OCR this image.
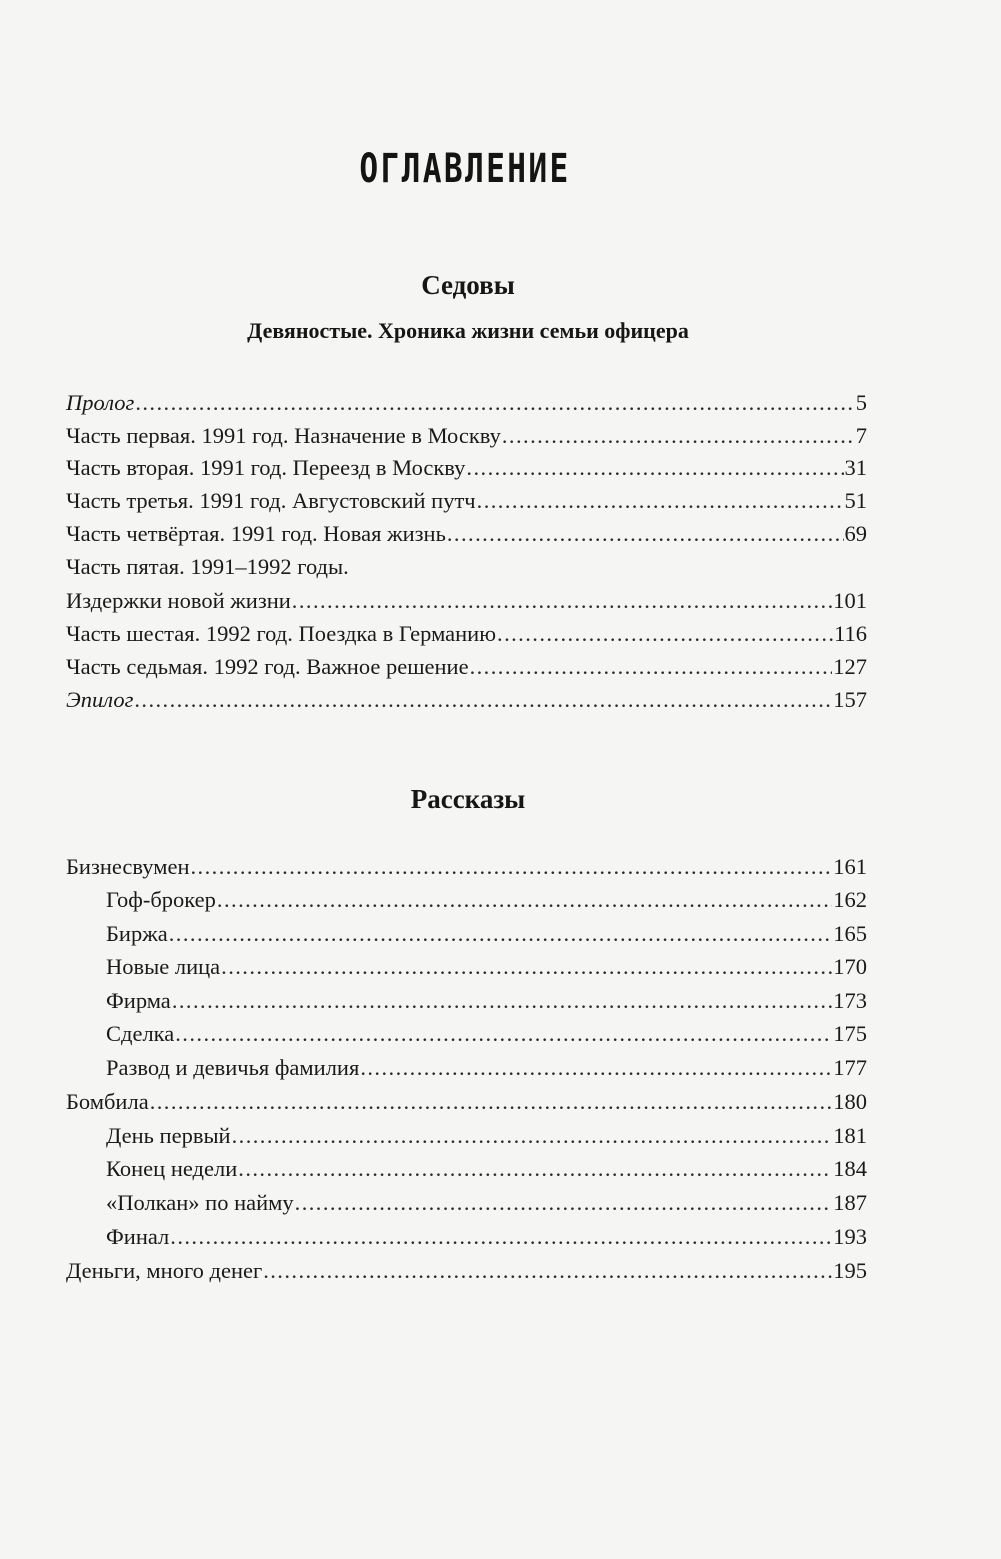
ОГЛАВЛЕНИЕ
Седовы
Девяностые. Хроника жизни семьи офицера
Пролог . . .	5
Часть первая. 1991 год. Назначение в Москву . . .	7
Часть вторая. 1991 год. Переезд в Москву . . .	31
Часть третья. 1991 год. Августовский путч . . .	51
Часть четвёртая. 1991 год. Новая жизнь . . .	69
Часть пятая. 1991–1992 годы.
Издержки новой жизни . . .	101
Часть шестая. 1992 год. Поездка в Германию . . .	116
Часть седьмая. 1992 год. Важное решение . . .	127
Эпилог . . .	157
Рассказы
Бизнесвумен . . .	161
Гоф-брокер . . .	162
Биржа . . .	165
Новые лица . . .	170
Фирма . . .	173
Сделка . . .	175
Развод и девичья фамилия . . .	177
Бомбила . . .	180
День первый . . .	181
Конец недели . . .	184
«Полкан» по найму . . .	187
Финал . . .	193
Деньги, много денег . . .	195
